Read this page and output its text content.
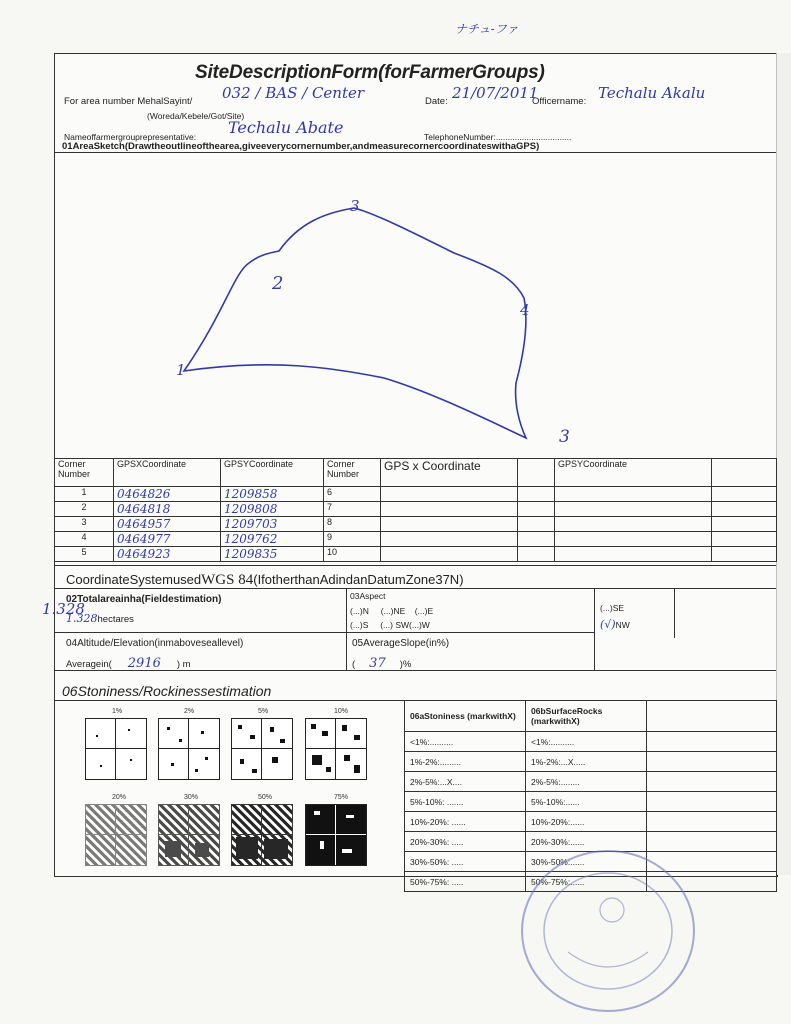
ナチュ-ファ
SiteDescriptionForm(forFarmerGroups)
For area number MehalSayint/ 032 / BAS / Center	Date: 21/07/2011
Officername: Techalu Akalu
(Woreda/Kebele/Got/Site)
Nameoffarmergrouprepresentative: Techalu Abate	TelephoneNumber:................................
01AreaSketch(Drawtheoutlineofthearea,giveeverycornernumber,andmeasurecornercoordinateswithaGPS)
1
2
3
3
4
Corner Number	GPSXCoordinate	GPSYCoordinate	Corner Number	GPS x Coordinate		GPSYCoordinate	
1	0464826	1209858	6				
2	0464818	1209808	7				
3	0464957	1209703	8				
4	0464977	1209762	9				
5	0464923	1209835	10				
CoordinateSystemusedWGS 84(IfotherthanAdindanDatumZone37N)
02Totalareainha(Fieldestimation)
1.328
1.328hectares
03Aspect
(...)N     (...)NE    (...)E
(...)S     (...) SW(...)W
(...)SE
(√)NW
04Altitude/Elevation(inmaboveseallevel)
Averagein( 2916 ) m
05AverageSlope(in%)
( 37 )%
06Stoniness/Rockinessestimation
1%	2%	5%	10%
20%	30%	50%	75%
06aStoniness (markwithX)	06bSurfaceRocks (markwithX)	
<1%:..........	<1%:..........	
1%-2%:.........	1%-2%:...X.....	
2%-5%:...X....	2%-5%:........	
5%-10%: .......	5%-10%:......	
10%-20%: ......	10%-20%:......	
20%-30%: .....	20%-30%:......	
30%-50%: .....	30%-50%:......	
50%-75%: .....	50%-75%:......	
